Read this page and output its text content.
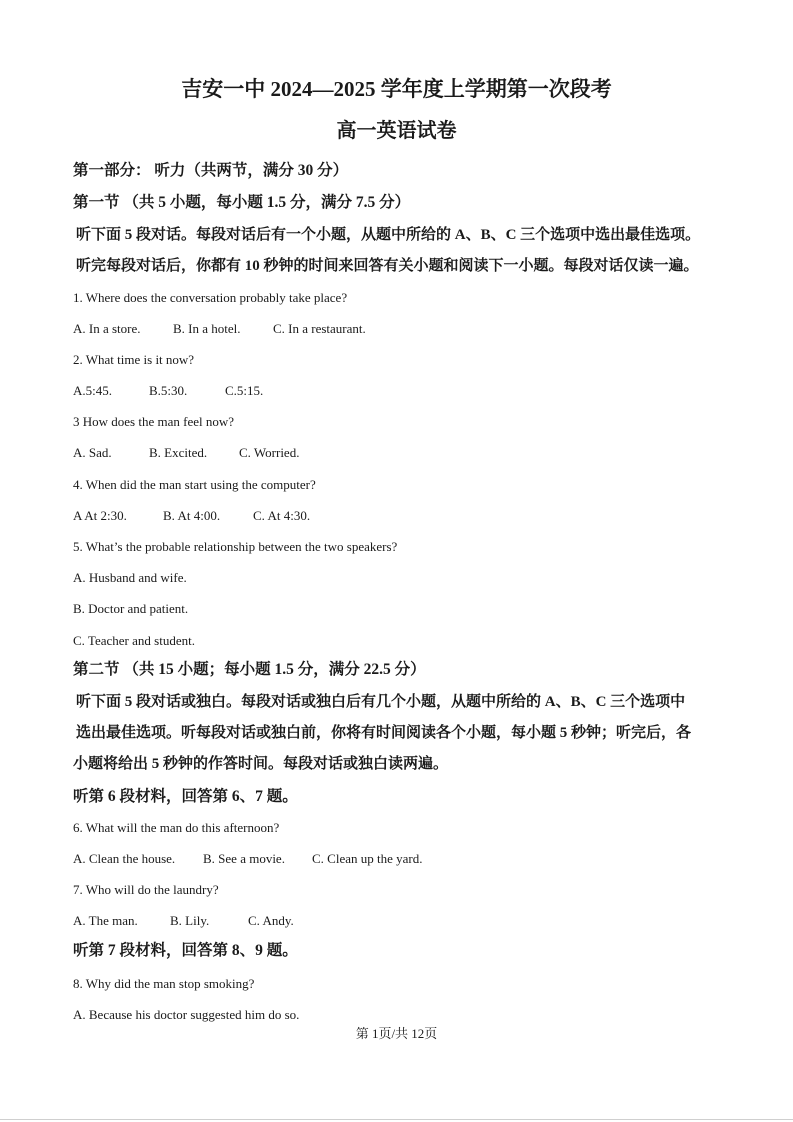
吉安一中 2024—2025 学年度上学期第一次段考
高一英语试卷
第一部分： 听力（共两节，满分 30 分）
第一节 （共 5 小题，每小题 1.5 分，满分 7.5 分）
听下面 5 段对话。每段对话后有一个小题，从题中所给的 A、B、C 三个选项中选出最佳选项。
听完每段对话后，你都有 10 秒钟的时间来回答有关小题和阅读下一小题。每段对话仅读一遍。
1. Where does the conversation probably take place?
A. In a store. B. In a hotel. C. In a restaurant.
2. What time is it now?
A.5:45.	B.5:30.	C.5:15.
3 How does the man feel now?
A. Sad.	B. Excited. C. Worried.
4. When did the man start using the computer?
A At 2:30.	B. At 4:00.	C. At 4:30.
5. What’s the probable relationship between the two speakers?
A. Husband and wife.
B. Doctor and patient.
C. Teacher and student.
第二节 （共 15 小题；每小题 1.5 分，满分 22.5 分）
听下面 5 段对话或独白。每段对话或独白后有几个小题，从题中所给的 A、B、C 三个选项中
选出最佳选项。听每段对话或独白前，你将有时间阅读各个小题，每小题 5 秒钟；听完后，各
小题将给出 5 秒钟的作答时间。每段对话或独白读两遍。
听第 6 段材料，回答第 6、7 题。
6. What will the man do this afternoon?
A. Clean the house. B. See a movie. C. Clean up the yard.
7. Who will do the laundry?
A. The man. B. Lily.	C. Andy.
听第 7 段材料，回答第 8、9 题。
8. Why did the man stop smoking?
A. Because his doctor suggested him do so.
第 1页/共 12页
